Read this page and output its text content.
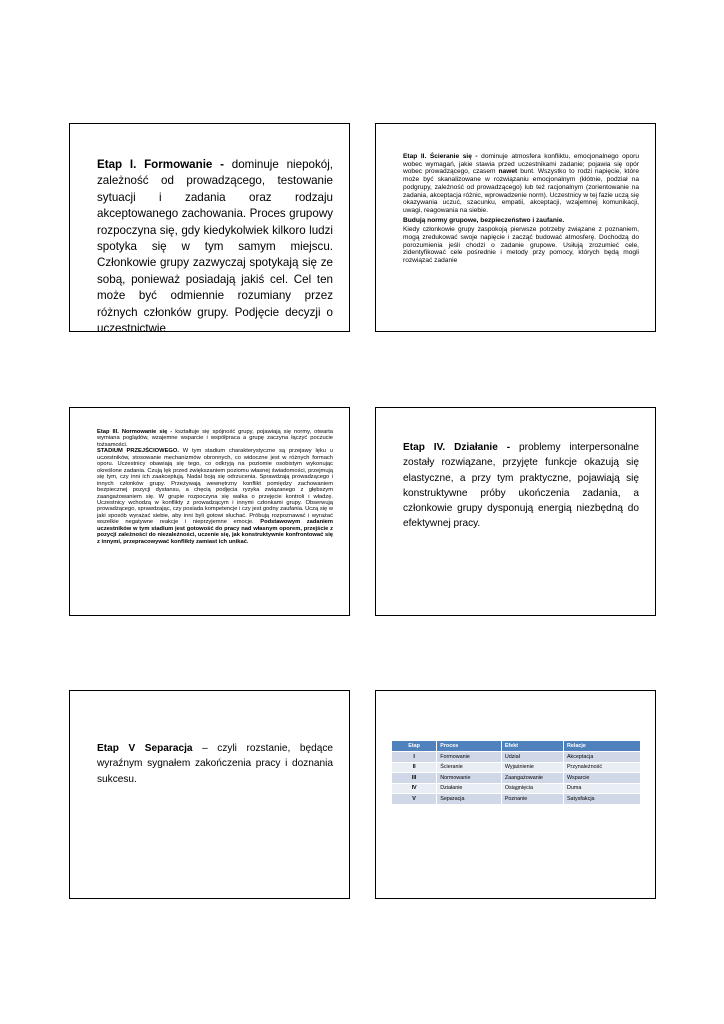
Etap I. Formowanie - dominuje niepokój, zależność od prowadzącego, testowanie sytuacji i zadania oraz rodzaju akceptowanego zachowania. Proces grupowy rozpoczyna się, gdy kiedykolwiek kilkoro ludzi spotyka się w tym samym miejscu. Członkowie grupy zazwyczaj spotykają się ze sobą, ponieważ posiadają jakiś cel. Cel ten może być odmiennie rozumiany przez różnych członków grupy. Podjęcie decyzji o uczestnictwie

Etap II. Ścieranie się - dominuje atmosfera konfliktu, emocjonalnego oporu wobec wymagań, jakie stawia przed uczestnikami zadanie; pojawia się opór wobec prowadzącego, czasem nawet bunt. Wszystko to rodzi napięcie, które może być skanalizowane w rozwiązaniu emocjonalnym (kłótnie, podział na podgrupy, zależność od prowadzącego) lub też racjonalnym (zorientowanie na zadania, akceptacja różnic, wprowadzenie norm). Uczestnicy w tej fazie uczą się okazywania uczuć, szacunku, empatii, akceptacji, wzajemnej komunikacji, uwagi, reagowania na siebie.

Budują normy grupowe, bezpieczeństwo i zaufanie.

Kiedy członkowie grupy zaspokoją pierwsze potrzeby związane z poznaniem, mogą zredukować swoje napięcie i zacząć budować atmosferę. Dochodzą do porozumienia jeśli chodzi o zadanie grupowe. Usiłują zrozumieć cele, zidentyfikować cele pośrednie i metody przy pomocy, których będą mogli rozwiązać zadanie

Etap III. Normowanie się - kształtuje się spójność grupy, pojawiają się normy, otwarta wymiana poglądów, wzajemne wsparcie i współpraca a grupę zaczyna łączyć poczucie tożsamości.

STADIUM PRZEJŚCIOWEGO. W tym stadium charakterystyczne są przejawy lęku u uczestników, stosowanie mechanizmów obronnych, co widoczne jest w różnych formach oporu. Uczestnicy obawiają się tego, co odkryją na poziomie osobistym wykonując określone zadania. Czują lęk przed zwiększaniem poziomu własnej świadomości, przejmują się tym, czy inni ich zaakceptują. Nadal boją się odrzucenia. Sprawdzają prowadzącego i innych członków grupy. Przeżywają wewnętrzny konflikt pomiędzy zachowaniem bezpiecznej pozycji dystansu, a chęcią podjęcia ryzyka związanego z głębszym zaangażowaniem się. W grupie rozpoczyna się walka o przejęcie kontroli i władzę. Uczestnicy wchodzą w konflikty z prowadzącym i innymi członkami grupy. Obserwują prowadzącego, sprawdzając, czy posiada kompetencje i czy jest godny zaufania. Uczą się w jaki sposób wyrażać siebie, aby inni byli gotowi słuchać. Próbują rozpoznawać i wyrażać wszelkie negatywne reakcje i nieprzyjemne emocje. Podstawowym zadaniem uczestników w tym stadium jest gotowość do pracy nad własnym oporem, przejście z pozycji zależności do niezależności, uczenie się, jak konstruktywnie konfrontować się z innymi, przepracowywać konflikty zamiast ich unikać.

Etap IV. Działanie - problemy interpersonalne zostały rozwiązane, przyjęte funkcje okazują się elastyczne, a przy tym praktyczne, pojawiają się konstruktywne próby ukończenia zadania, a członkowie grupy dysponują energią niezbędną do efektywnej pracy.
Etap V Separacja – czyli rozstanie, będące wyraźnym sygnałem zakończenia pracy i doznania sukcesu.
Etap	Proces	Efekt	Relacje
I	Formowanie	Udział	Akceptacja
II	Ścieranie	Wyjaśnienie	Przynależność
III	Normowanie	Zaangażowanie	Wsparcie
IV	Działanie	Osiągnięcia	Duma
V	Separacja	Poznanie	Satysfakcja
